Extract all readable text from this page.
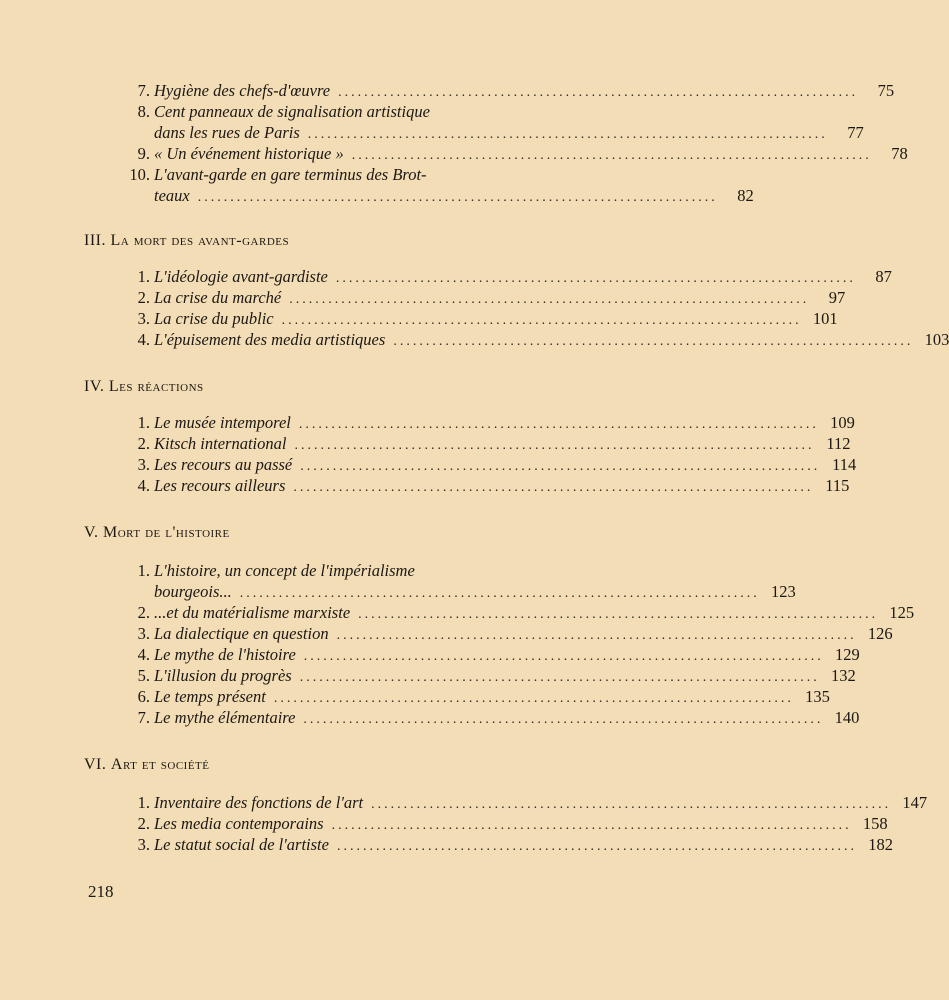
7. Hygiène des chefs-d'œuvre ................................................................................	75
8. Cent panneaux de signalisation artistique
dans les rues de Paris ................................................................................	77
9. « Un événement historique » ................................................................................	78
10. L'avant-garde en gare terminus des Brot-
teaux ................................................................................	82
III. La mort des avant-gardes
1. L'idéologie avant-gardiste ................................................................................	87
2. La crise du marché ................................................................................	97
3. La crise du public ................................................................................ 101
4. L'épuisement des media artistiques ................................................................................ 103
IV. Les réactions
1. Le musée intemporel ................................................................................ 109
2. Kitsch international ................................................................................ 112
3. Les recours au passé ................................................................................ 114
4. Les recours ailleurs ................................................................................ 115
V. Mort de l'histoire
1. L'histoire, un concept de l'impérialisme
bourgeois... ................................................................................ 123
2. ...et du matérialisme marxiste ................................................................................ 125
3. La dialectique en question ................................................................................ 126
4. Le mythe de l'histoire ................................................................................ 129
5. L'illusion du progrès ................................................................................ 132
6. Le temps présent ................................................................................ 135
7. Le mythe élémentaire ................................................................................ 140
VI. Art et société
1. Inventaire des fonctions de l'art ................................................................................ 147
2. Les media contemporains ................................................................................ 158
3. Le statut social de l'artiste ................................................................................ 182
218
